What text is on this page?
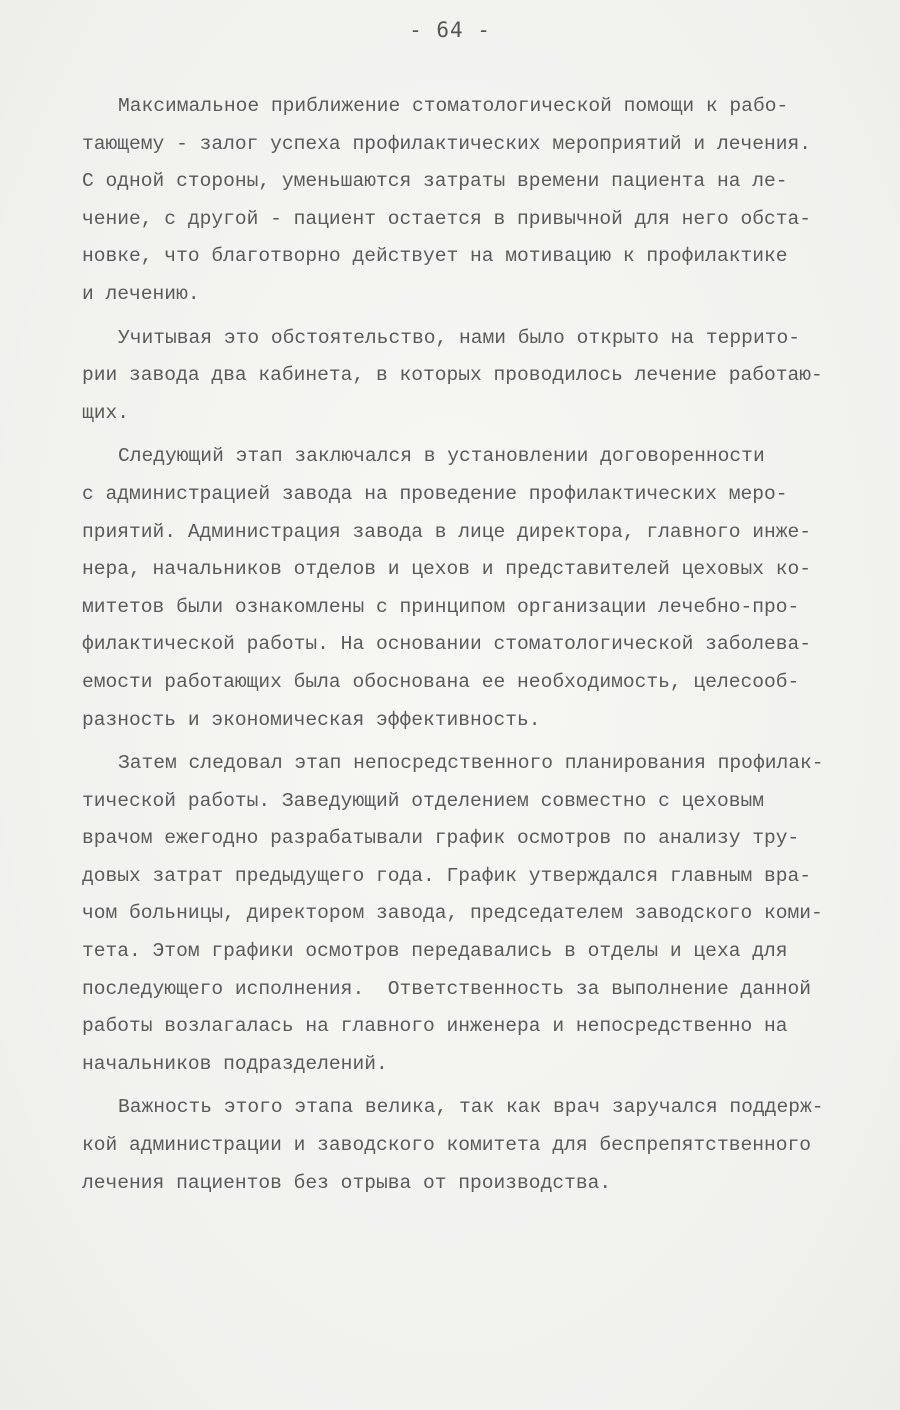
- 64 -
Максимальное приближение стоматологической помощи к рабо-
тающему - залог успеха профилактических мероприятий и лечения.
С одной стороны, уменьшаются затраты времени пациента на ле-
чение, с другой - пациент остается в привычной для него обста-
новке, что благотворно действует на мотивацию к профилактике
и лечению.
Учитывая это обстоятельство, нами было открыто на террито-
рии завода два кабинета, в которых проводилось лечение работаю-
щих.
Следующий этап заключался в установлении договоренности
с администрацией завода на проведение профилактических меро-
приятий. Администрация завода в лице директора, главного инже-
нера, начальников отделов и цехов и представителей цеховых ко-
митетов были ознакомлены с принципом организации лечебно-про-
филактической работы. На основании стоматологической заболева-
емости работающих была обоснована ее необходимость, целесооб-
разность и экономическая эффективность.
Затем следовал этап непосредственного планирования профилак-
тической работы. Заведующий отделением совместно с цеховым
врачом ежегодно разрабатывали график осмотров по анализу тру-
довых затрат предыдущего года. График утверждался главным вра-
чом больницы, директором завода, председателем заводского коми-
тета. Этом графики осмотров передавались в отделы и цеха для
последующего исполнения.  Ответственность за выполнение данной
работы возлагалась на главного инженера и непосредственно на
начальников подразделений.
Важность этого этапа велика, так как врач заручался поддерж-
кой администрации и заводского комитета для беспрепятственного
лечения пациентов без отрыва от производства.
